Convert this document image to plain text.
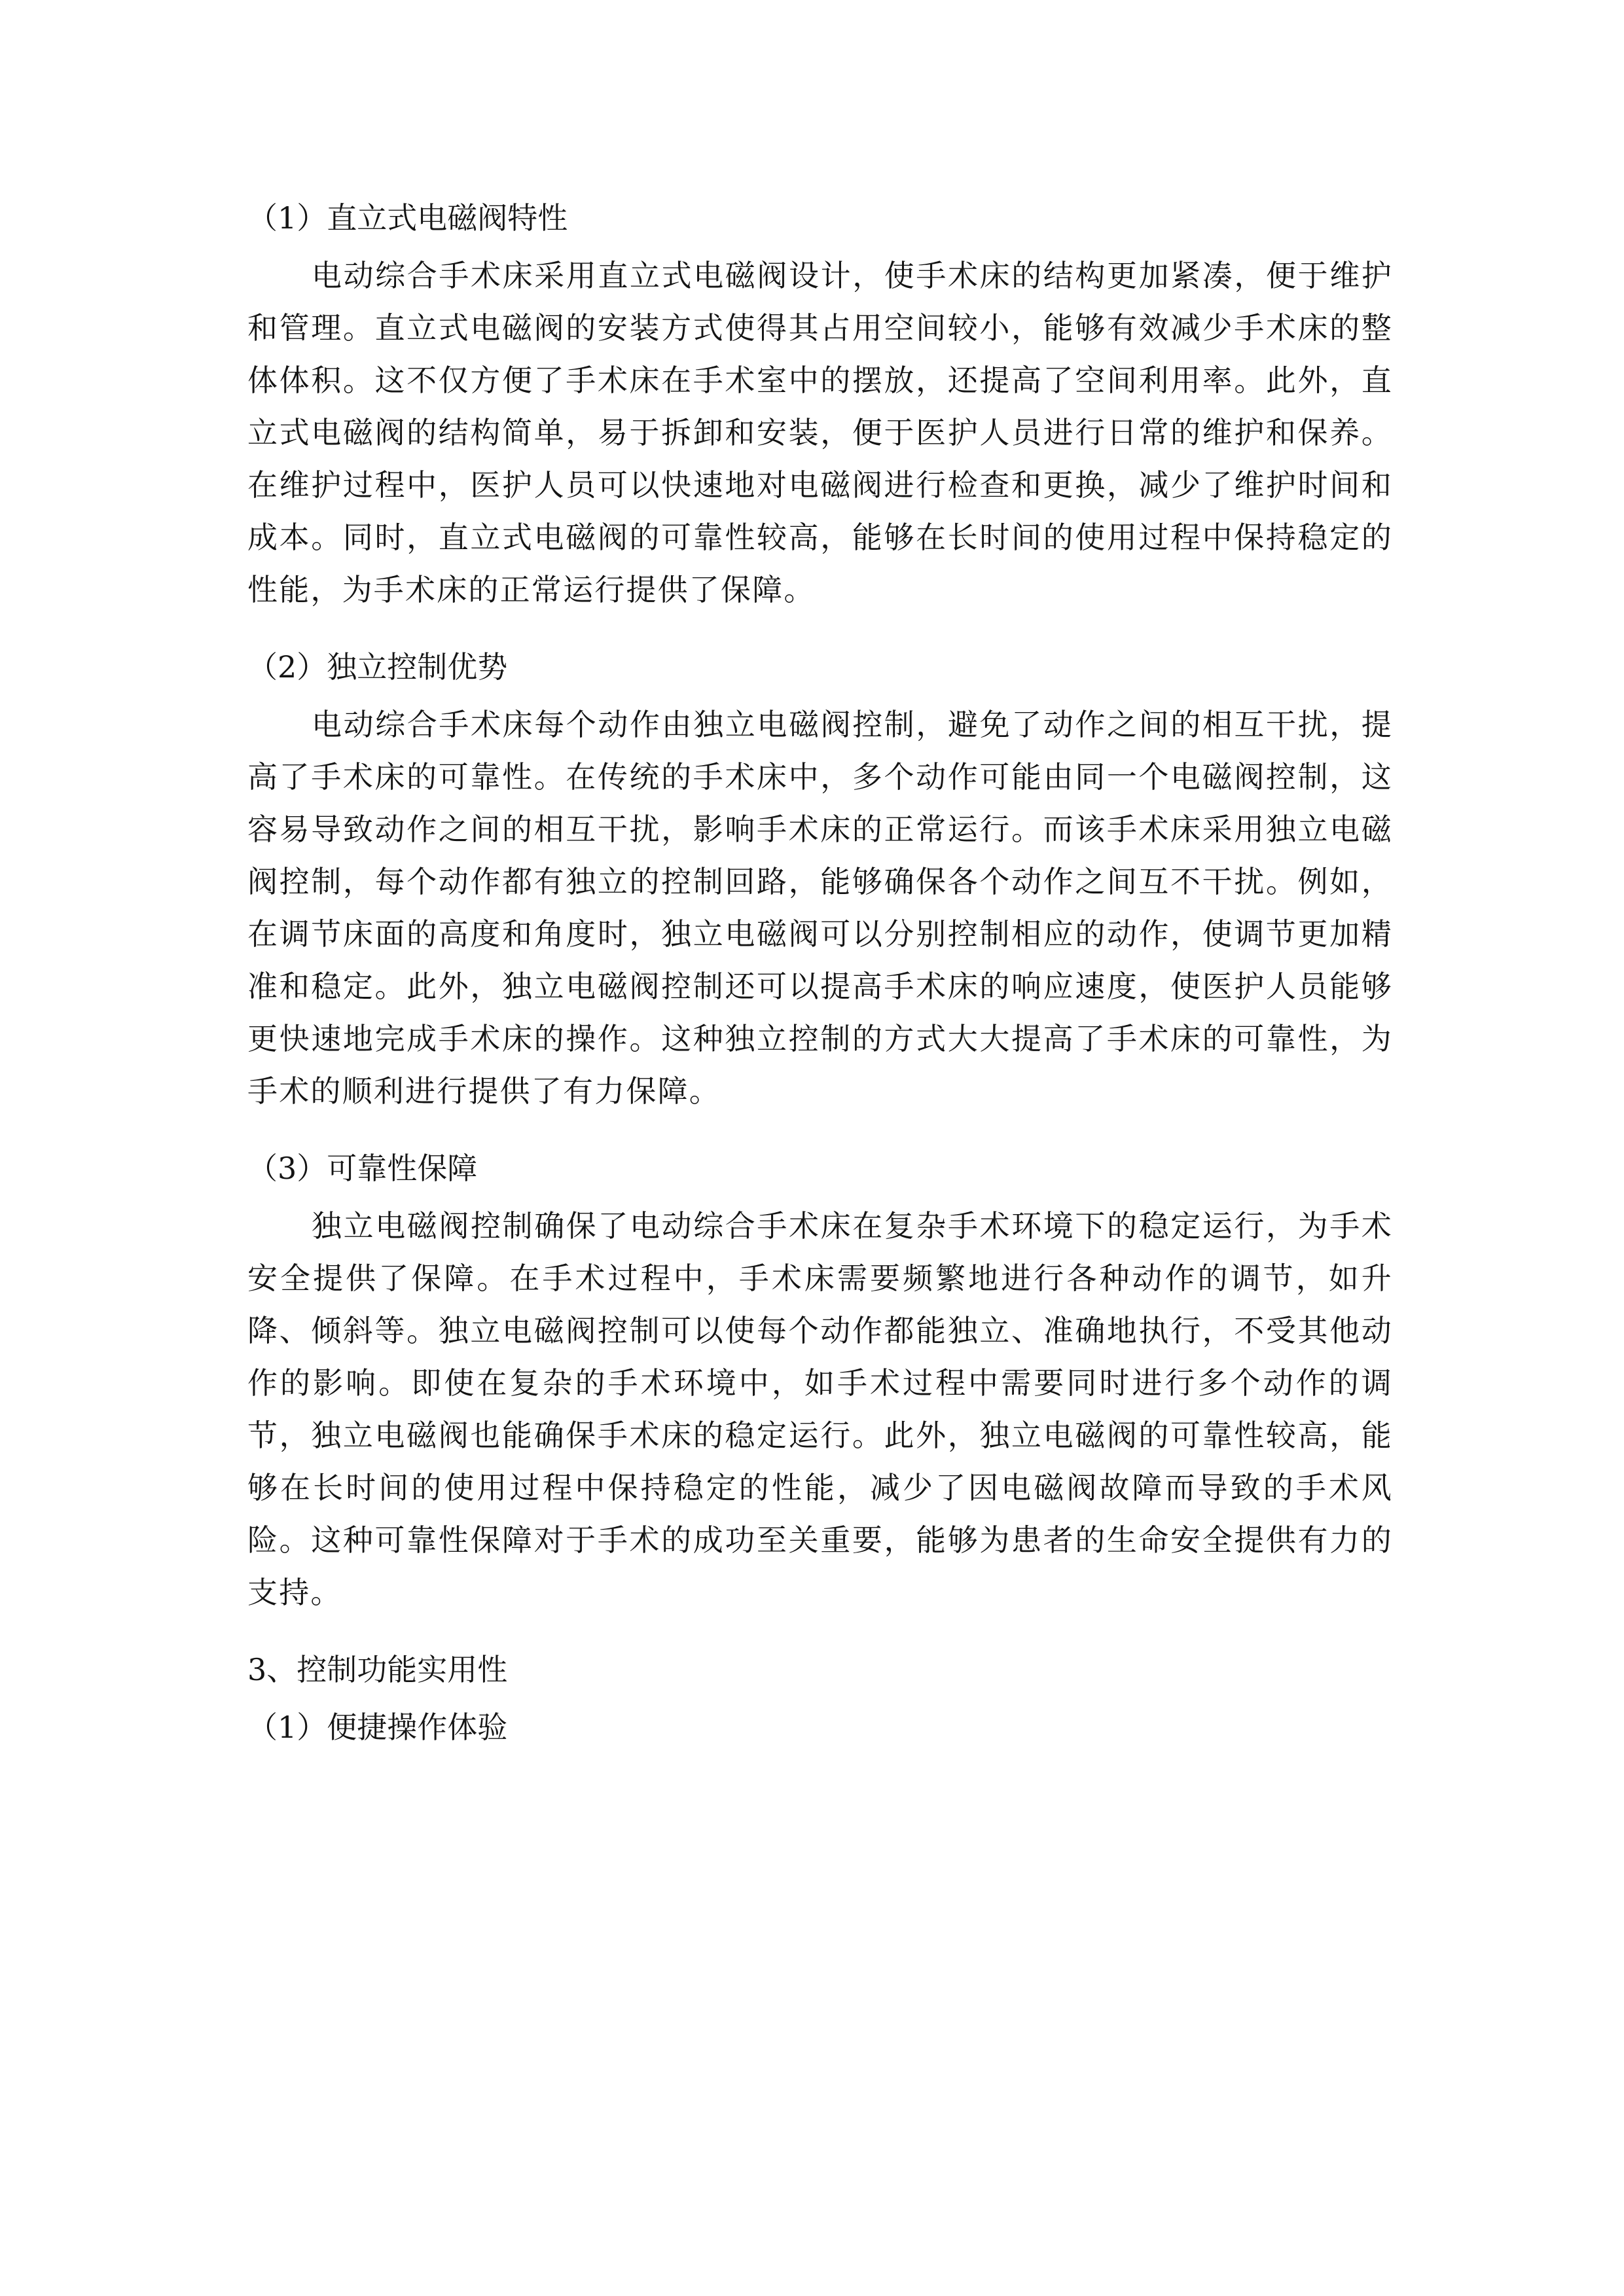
（1）直立式电磁阀特性

电动综合手术床采用直立式电磁阀设计，使手术床的结构更加紧凑，便于维护和管理。直立式电磁阀的安装方式使得其占用空间较小，能够有效减少手术床的整体体积。这不仅方便了手术床在手术室中的摆放，还提高了空间利用率。此外，直立式电磁阀的结构简单，易于拆卸和安装，便于医护人员进行日常的维护和保养。在维护过程中，医护人员可以快速地对电磁阀进行检查和更换，减少了维护时间和成本。同时，直立式电磁阀的可靠性较高，能够在长时间的使用过程中保持稳定的性能，为手术床的正常运行提供了保障。

（2）独立控制优势

电动综合手术床每个动作由独立电磁阀控制，避免了动作之间的相互干扰，提高了手术床的可靠性。在传统的手术床中，多个动作可能由同一个电磁阀控制，这容易导致动作之间的相互干扰，影响手术床的正常运行。而该手术床采用独立电磁阀控制，每个动作都有独立的控制回路，能够确保各个动作之间互不干扰。例如，在调节床面的高度和角度时，独立电磁阀可以分别控制相应的动作，使调节更加精准和稳定。此外，独立电磁阀控制还可以提高手术床的响应速度，使医护人员能够更快速地完成手术床的操作。这种独立控制的方式大大提高了手术床的可靠性，为手术的顺利进行提供了有力保障。

（3）可靠性保障

独立电磁阀控制确保了电动综合手术床在复杂手术环境下的稳定运行，为手术安全提供了保障。在手术过程中，手术床需要频繁地进行各种动作的调节，如升降、倾斜等。独立电磁阀控制可以使每个动作都能独立、准确地执行，不受其他动作的影响。即使在复杂的手术环境中，如手术过程中需要同时进行多个动作的调节，独立电磁阀也能确保手术床的稳定运行。此外，独立电磁阀的可靠性较高，能够在长时间的使用过程中保持稳定的性能，减少了因电磁阀故障而导致的手术风险。这种可靠性保障对于手术的成功至关重要，能够为患者的生命安全提供有力的支持。

3、控制功能实用性
（1）便捷操作体验
